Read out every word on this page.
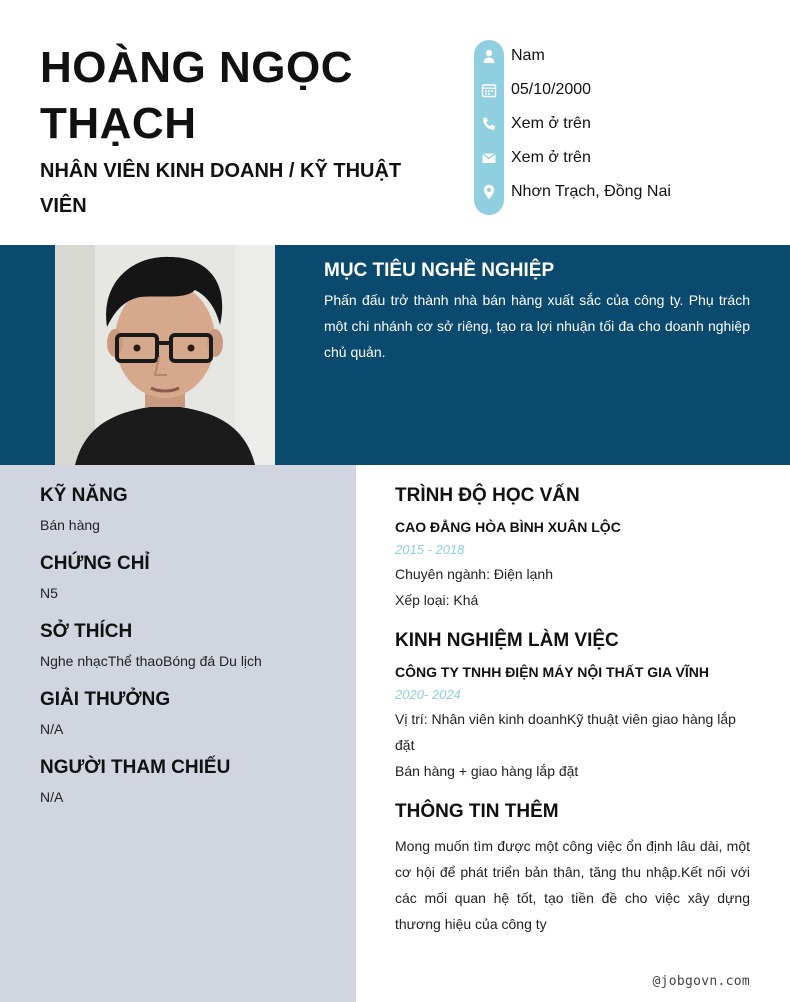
HOÀNG NGỌC THẠCH
NHÂN VIÊN KINH DOANH / KỸ THUẬT VIÊN
Nam
05/10/2000
Xem ở trên
Xem ở trên
Nhơn Trạch, Đồng Nai
MỤC TIÊU NGHỀ NGHIỆP

Phấn đấu trở thành nhà bán hàng xuất sắc của công ty. Phụ trách một chi nhánh cơ sở riêng, tạo ra lợi nhuận tối đa cho doanh nghiệp chủ quản.

KỸ NĂNG

Bán hàng

CHỨNG CHỈ

N5

SỞ THÍCH

Nghe nhạcThể thaoBóng đá Du lịch

GIẢI THƯỞNG

N/A

NGƯỜI THAM CHIẾU

N/A

TRÌNH ĐỘ HỌC VẤN

CAO ĐẲNG HÒA BÌNH XUÂN LỘC

2015 - 2018

Chuyên ngành: Điện lạnh

Xếp loại: Khá

KINH NGHIỆM LÀM VIỆC

CÔNG TY TNHH ĐIỆN MÁY NỘI THẤT GIA VĨNH

2020- 2024

Vị trí: Nhân viên kinh doanhKỹ thuật viên giao hàng lắp đặt

Bán hàng + giao hàng lắp đặt

THÔNG TIN THÊM

Mong muốn tìm được một công việc ổn định lâu dài, một cơ hội để phát triển bản thân, tăng thu nhập.Kết nối với các mối quan hệ tốt, tạo tiền đề cho việc xây dựng thương hiệu của công ty

@jobgovn.com
